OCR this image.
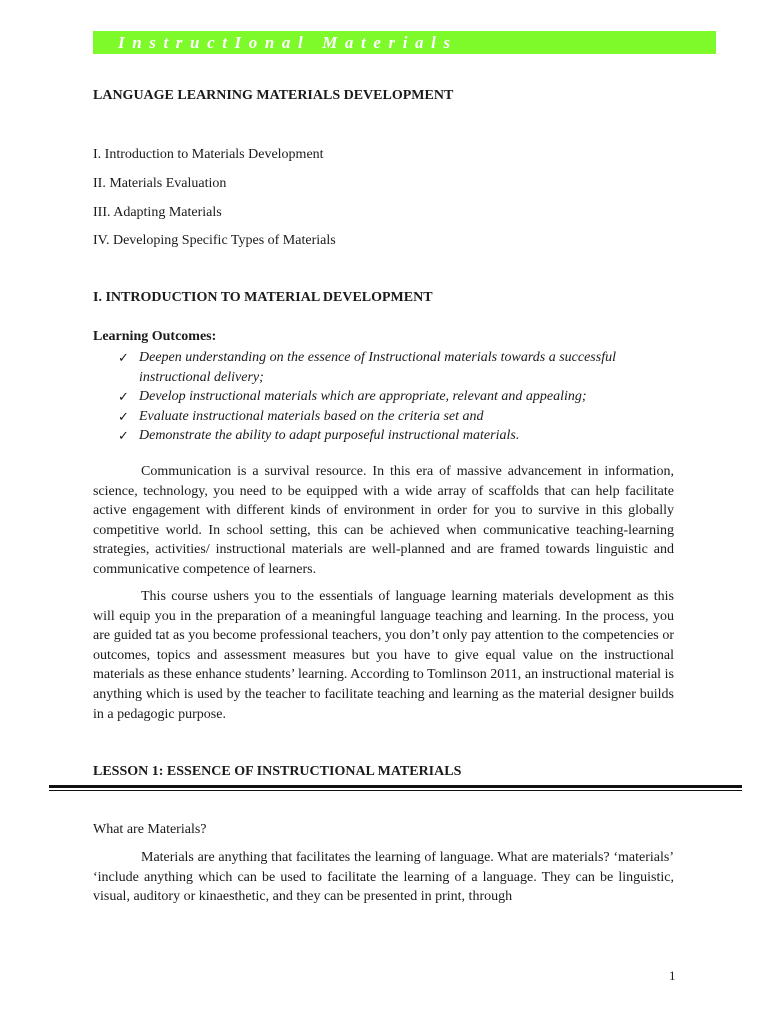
InstructIonal Materials
LANGUAGE LEARNING MATERIALS DEVELOPMENT
I. Introduction to Materials Development
II. Materials Evaluation
III. Adapting Materials
IV. Developing Specific Types of Materials
I. INTRODUCTION TO MATERIAL DEVELOPMENT
Learning Outcomes:
✓ Deepen understanding on the essence of Instructional materials towards a successful instructional delivery;
✓ Develop instructional materials which are appropriate, relevant and appealing;
✓ Evaluate instructional materials based on the criteria set and
✓ Demonstrate the ability to adapt purposeful instructional materials.

Communication is a survival resource. In this era of massive advancement in information, science, technology, you need to be equipped with a wide array of scaffolds that can help facilitate active engagement with different kinds of environment in order for you to survive in this globally competitive world. In school setting, this can be achieved when communicative teaching-learning strategies, activities/ instructional materials are well-planned and are framed towards linguistic and communicative competence of learners.

This course ushers you to the essentials of language learning materials development as this will equip you in the preparation of a meaningful language teaching and learning. In the process, you are guided tat as you become professional teachers, you don’t only pay attention to the competencies or outcomes, topics and assessment measures but you have to give equal value on the instructional materials as these enhance students’ learning. According to Tomlinson 2011, an instructional material is anything which is used by the teacher to facilitate teaching and learning as the material designer builds in a pedagogic purpose.

LESSON 1: ESSENCE OF INSTRUCTIONAL MATERIALS
What are Materials?

Materials are anything that facilitates the learning of language. What are materials? ‘materials’ ‘include anything which can be used to facilitate the learning of a language. They can be linguistic, visual, auditory or kinaesthetic, and they can be presented in print, through

1
